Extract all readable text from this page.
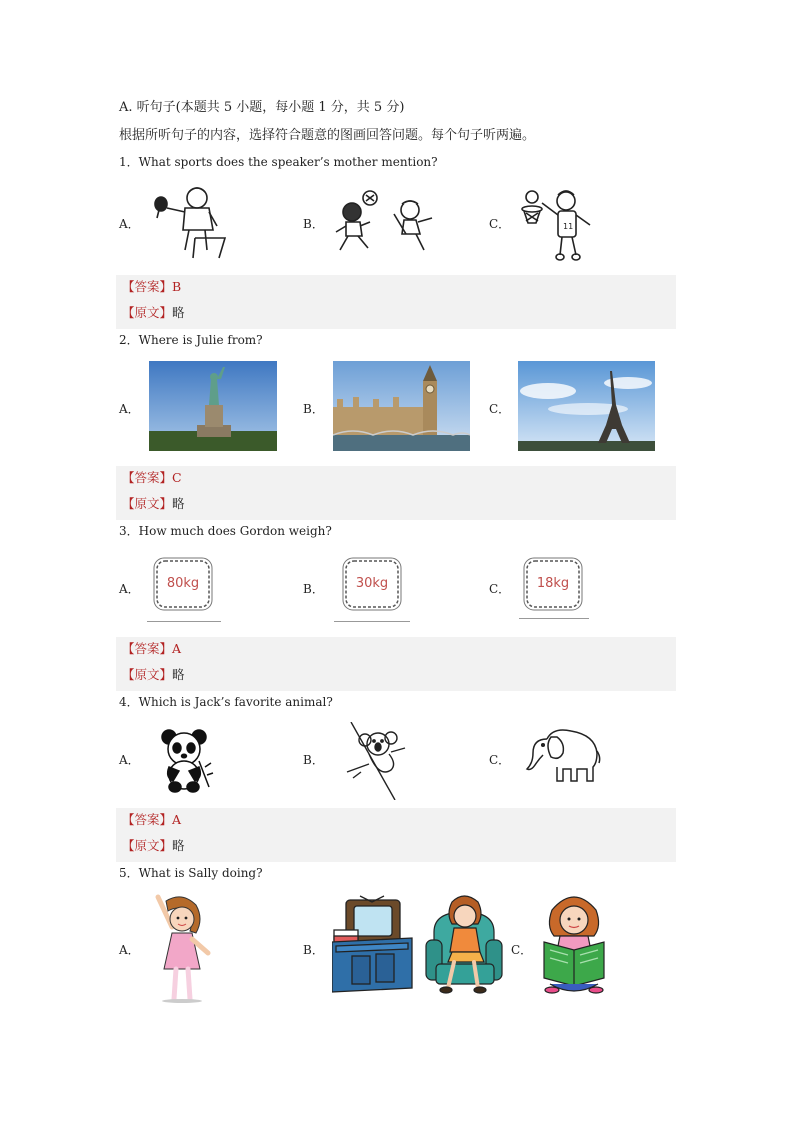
A. 听句子(本题共 5 小题，每小题 1 分，共 5 分)
根据所听句子的内容，选择符合题意的图画回答问题。每个句子听两遍。
1．What sports does the speaker’s mother mention?
A．	B．	C．	11
【答案】B
【原文】略
2．Where is Julie from?
A．	B．	C．
【答案】C
【原文】略
3．How much does Gordon weigh?
A．	B．	C．
80kg	30kg	18kg
【答案】A
【原文】略
4．Which is Jack’s favorite animal?
A．	B．	C．
【答案】A
【原文】略
5．What is Sally doing?
A．	B．	C．
